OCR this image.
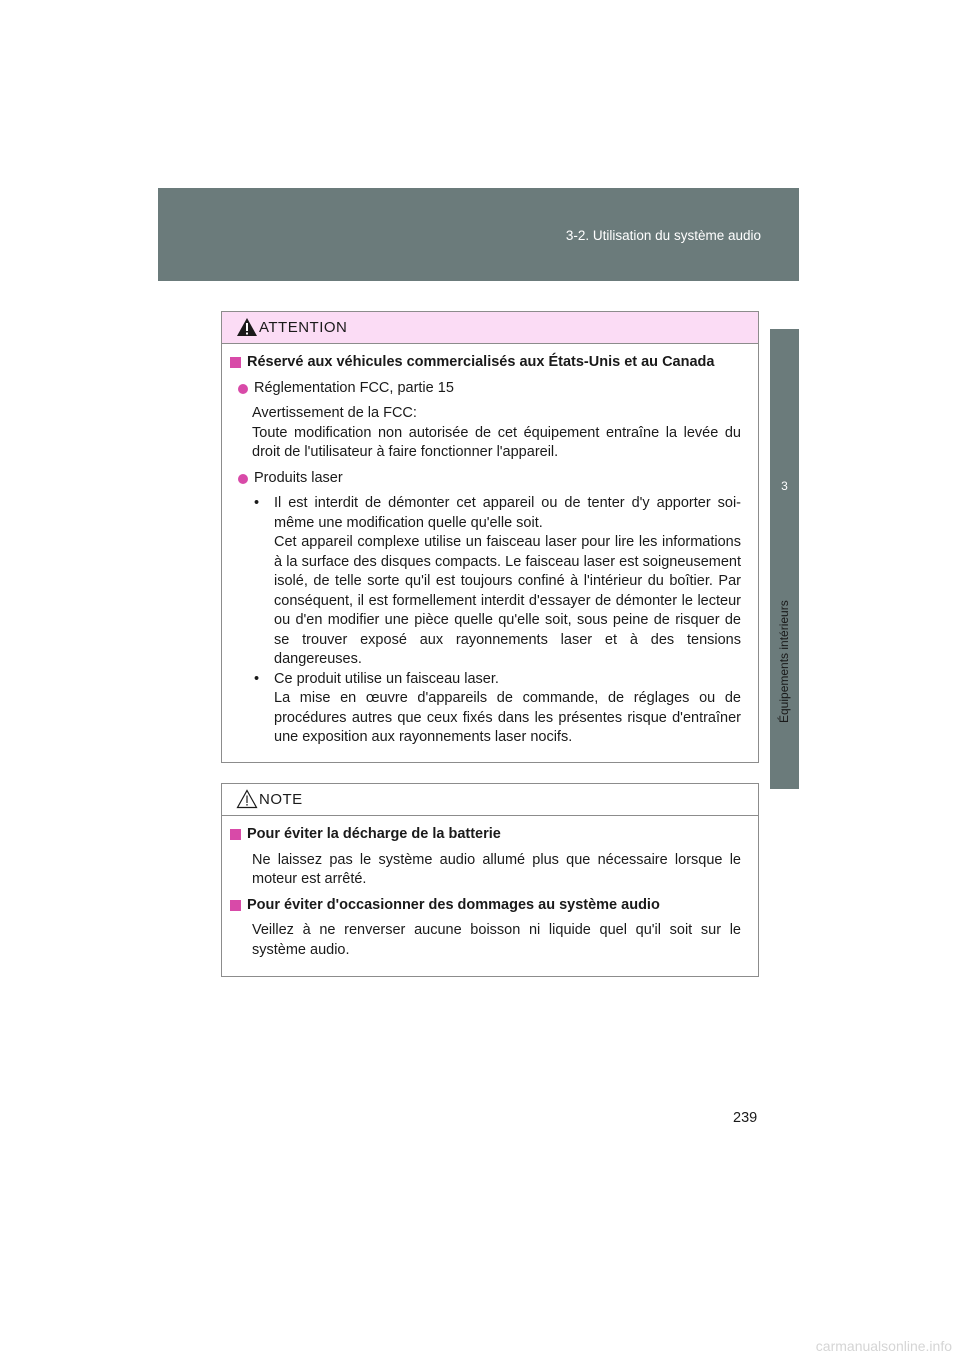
3-2. Utilisation du système audio
3
Équipements intérieurs
ATTENTION
Réservé aux véhicules commercialisés aux États-Unis et au Canada
Réglementation FCC, partie 15
Avertissement de la FCC:
Toute modification non autorisée de cet équipement entraîne la levée du droit de l'utilisateur à faire fonctionner l'appareil.
Produits laser
•	Il est interdit de démonter cet appareil ou de tenter d'y apporter soi-même une modification quelle qu'elle soit.
Cet appareil complexe utilise un faisceau laser pour lire les informations à la surface des disques compacts. Le faisceau laser est soigneusement isolé, de telle sorte qu'il est toujours confiné à l'intérieur du boîtier. Par conséquent, il est formellement interdit d'essayer de démonter le lecteur ou d'en modifier une pièce quelle qu'elle soit, sous peine de risquer de se trouver exposé aux rayonnements laser et à des tensions dangereuses.
•	Ce produit utilise un faisceau laser.
La mise en œuvre d'appareils de commande, de réglages ou de procédures autres que ceux fixés dans les présentes risque d'entraîner une exposition aux rayonnements laser nocifs.
NOTE
Pour éviter la décharge de la batterie
Ne laissez pas le système audio allumé plus que nécessaire lorsque le moteur est arrêté.
Pour éviter d'occasionner des dommages au système audio
Veillez à ne renverser aucune boisson ni liquide quel qu'il soit sur le système audio.
239
carmanualsonline.info
